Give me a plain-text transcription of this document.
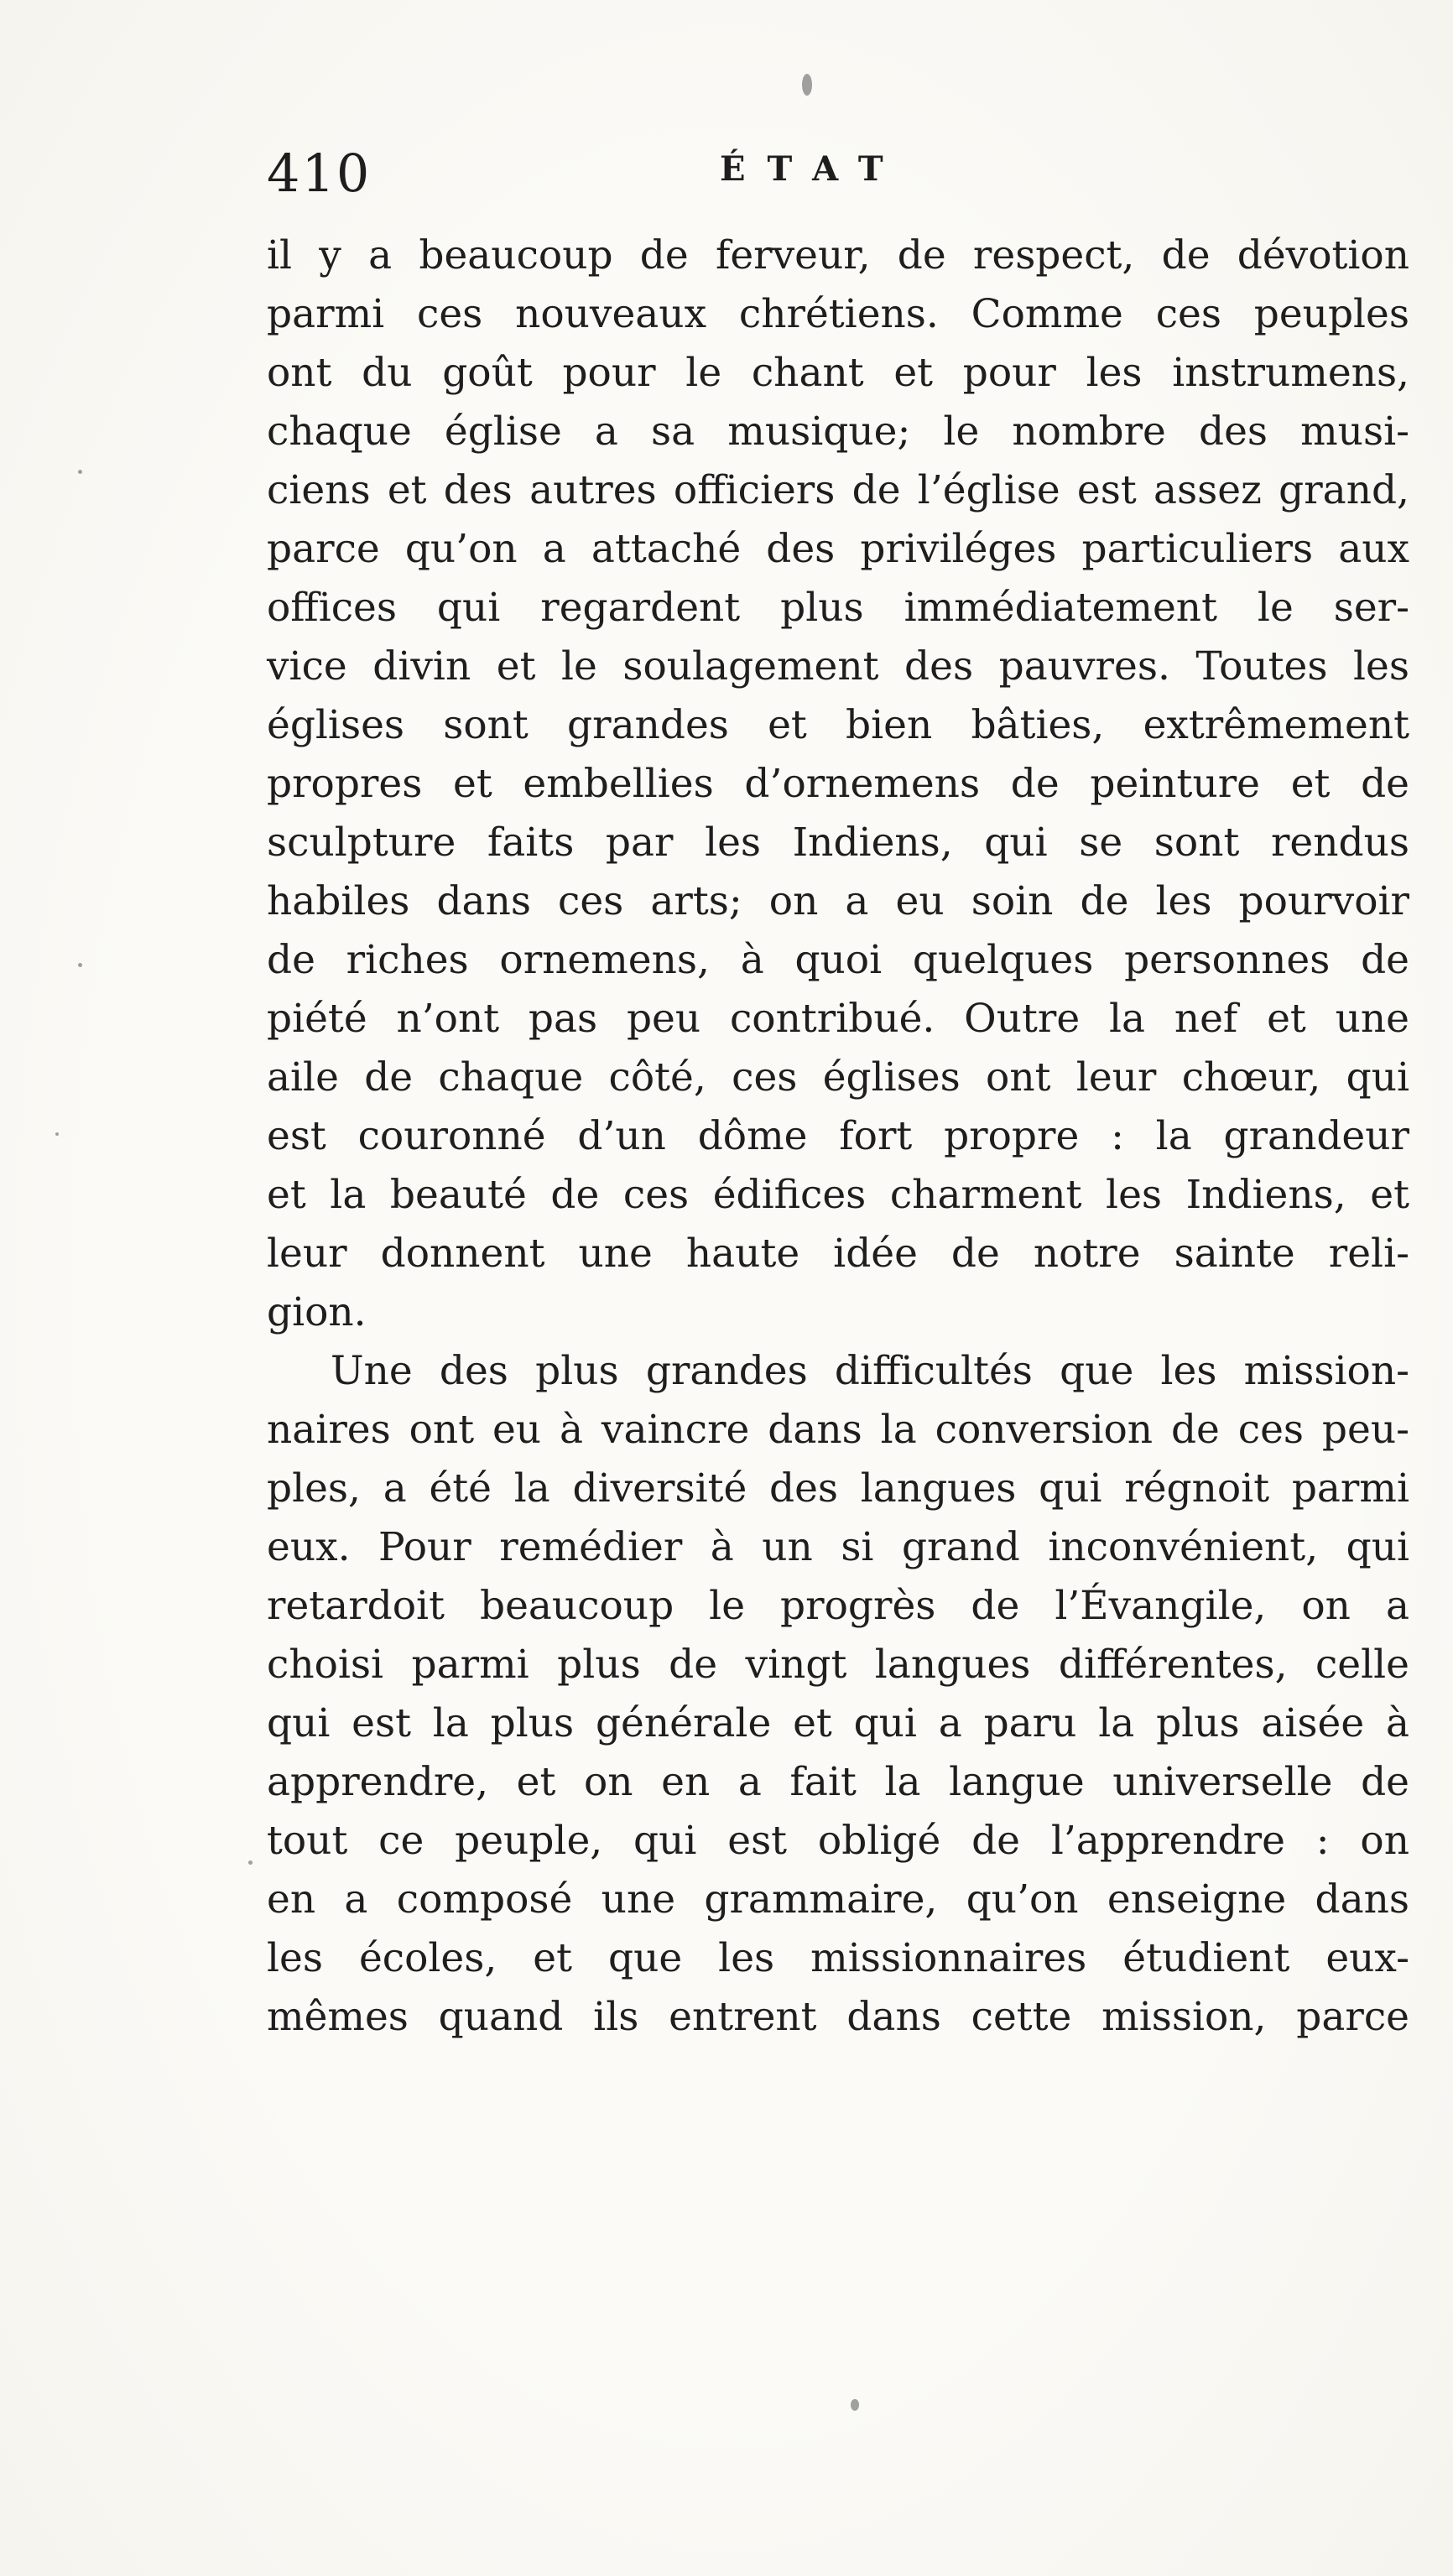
410	ÉTAT
il y a beaucoup de ferveur, de respect, de dévotion
parmi ces nouveaux chrétiens. Comme ces peuples
ont du goût pour le chant et pour les instrumens,
chaque église a sa musique; le nombre des musi-
ciens et des autres officiers de l’église est assez grand,
parce qu’on a attaché des priviléges particuliers aux
offices qui regardent plus immédiatement le ser-
vice divin et le soulagement des pauvres. Toutes les
églises sont grandes et bien bâties, extrêmement
propres et embellies d’ornemens de peinture et de
sculpture faits par les Indiens, qui se sont rendus
habiles dans ces arts; on a eu soin de les pourvoir
de riches ornemens, à quoi quelques personnes de
piété n’ont pas peu contribué. Outre la nef et une
aile de chaque côté, ces églises ont leur chœur, qui
est couronné d’un dôme fort propre : la grandeur
et la beauté de ces édifices charment les Indiens, et
leur donnent une haute idée de notre sainte reli-
gion.
Une des plus grandes difficultés que les mission-
naires ont eu à vaincre dans la conversion de ces peu-
ples, a été la diversité des langues qui régnoit parmi
eux. Pour remédier à un si grand inconvénient, qui
retardoit beaucoup le progrès de l’Évangile, on a
choisi parmi plus de vingt langues différentes, celle
qui est la plus générale et qui a paru la plus aisée à
apprendre, et on en a fait la langue universelle de
tout ce peuple, qui est obligé de l’apprendre : on
en a composé une grammaire, qu’on enseigne dans
les écoles, et que les missionnaires étudient eux-
mêmes quand ils entrent dans cette mission, parce
